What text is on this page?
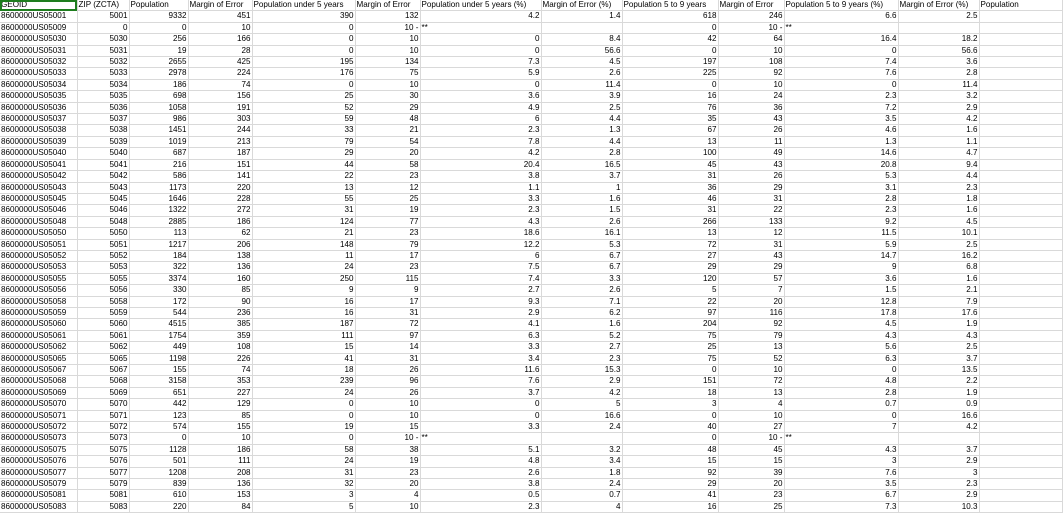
GEOID	ZIP (ZCTA)	Population	Margin of Error	Population under 5 years	Margin of Error	Population under 5 years (%)	Margin of Error (%)	Population 5 to 9 years	Margin of Error	Population 5 to 9 years (%)	Margin of Error (%)	Population
8600000US05001	5001	9332	451	390	132	4.2	1.4	618	246	6.6	2.5	
8600000US05009	0	0	10	0	10 -	**		0	10 -	**		
8600000US05030	5030	256	166	0	10	0	8.4	42	64	16.4	18.2	
8600000US05031	5031	19	28	0	10	0	56.6	0	10	0	56.6	
8600000US05032	5032	2655	425	195	134	7.3	4.5	197	108	7.4	3.6	
8600000US05033	5033	2978	224	176	75	5.9	2.6	225	92	7.6	2.8	
8600000US05034	5034	186	74	0	10	0	11.4	0	10	0	11.4	
8600000US05035	5035	698	156	25	30	3.6	3.9	16	24	2.3	3.2	
8600000US05036	5036	1058	191	52	29	4.9	2.5	76	36	7.2	2.9	
8600000US05037	5037	986	303	59	48	6	4.4	35	43	3.5	4.2	
8600000US05038	5038	1451	244	33	21	2.3	1.3	67	26	4.6	1.6	
8600000US05039	5039	1019	213	79	54	7.8	4.4	13	11	1.3	1.1	
8600000US05040	5040	687	187	29	20	4.2	2.8	100	49	14.6	4.7	
8600000US05041	5041	216	151	44	58	20.4	16.5	45	43	20.8	9.4	
8600000US05042	5042	586	141	22	23	3.8	3.7	31	26	5.3	4.4	
8600000US05043	5043	1173	220	13	12	1.1	1	36	29	3.1	2.3	
8600000US05045	5045	1646	228	55	25	3.3	1.6	46	31	2.8	1.8	
8600000US05046	5046	1322	272	31	19	2.3	1.5	31	22	2.3	1.6	
8600000US05048	5048	2885	186	124	77	4.3	2.6	266	133	9.2	4.5	
8600000US05050	5050	113	62	21	23	18.6	16.1	13	12	11.5	10.1	
8600000US05051	5051	1217	206	148	79	12.2	5.3	72	31	5.9	2.5	
8600000US05052	5052	184	138	11	17	6	6.7	27	43	14.7	16.2	
8600000US05053	5053	322	136	24	23	7.5	6.7	29	29	9	6.8	
8600000US05055	5055	3374	160	250	115	7.4	3.3	120	57	3.6	1.6	
8600000US05056	5056	330	85	9	9	2.7	2.6	5	7	1.5	2.1	
8600000US05058	5058	172	90	16	17	9.3	7.1	22	20	12.8	7.9	
8600000US05059	5059	544	236	16	31	2.9	6.2	97	116	17.8	17.6	
8600000US05060	5060	4515	385	187	72	4.1	1.6	204	92	4.5	1.9	
8600000US05061	5061	1754	359	111	97	6.3	5.2	75	79	4.3	4.3	
8600000US05062	5062	449	108	15	14	3.3	2.7	25	13	5.6	2.5	
8600000US05065	5065	1198	226	41	31	3.4	2.3	75	52	6.3	3.7	
8600000US05067	5067	155	74	18	26	11.6	15.3	0	10	0	13.5	
8600000US05068	5068	3158	353	239	96	7.6	2.9	151	72	4.8	2.2	
8600000US05069	5069	651	227	24	26	3.7	4.2	18	13	2.8	1.9	
8600000US05070	5070	442	129	0	10	0	5	3	4	0.7	0.9	
8600000US05071	5071	123	85	0	10	0	16.6	0	10	0	16.6	
8600000US05072	5072	574	155	19	15	3.3	2.4	40	27	7	4.2	
8600000US05073	5073	0	10	0	10 -	**		0	10 -	**		
8600000US05075	5075	1128	186	58	38	5.1	3.2	48	45	4.3	3.7	
8600000US05076	5076	501	111	24	19	4.8	3.4	15	15	3	2.9	
8600000US05077	5077	1208	208	31	23	2.6	1.8	92	39	7.6	3	
8600000US05079	5079	839	136	32	20	3.8	2.4	29	20	3.5	2.3	
8600000US05081	5081	610	153	3	4	0.5	0.7	41	23	6.7	2.9	
8600000US05083	5083	220	84	5	10	2.3	4	16	25	7.3	10.3	
